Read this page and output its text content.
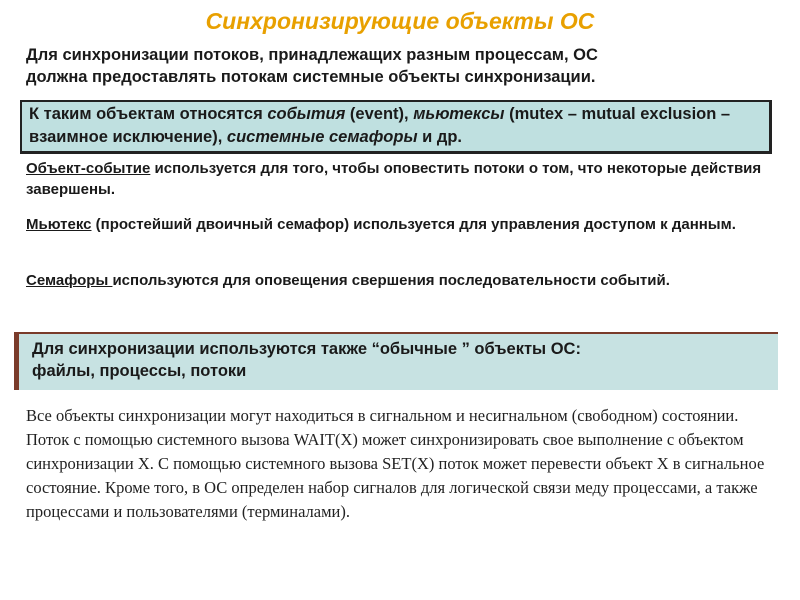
Синхронизирующие объекты ОС
Для синхронизации потоков, принадлежащих разным процессам, ОС
должна предоставлять потокам системные объекты синхронизации.
К таким объектам относятся события (event), мьютексы (mutex – mutual exclusion – взаимное исключение), системные семафоры и др.
Объект-событие используется для того, чтобы оповестить потоки о том, что некоторые действия завершены.
Мьютекс (простейший двоичный семафор) используется для управления доступом к данным.
Семафоры используются для оповещения свершения последовательности событий.
Для синхронизации используются также “обычные ” объекты ОС:
файлы, процессы, потоки
Все объекты синхронизации могут находиться в сигнальном и несигнальном (свободном) состоянии. Поток с помощью системного вызова WAIT(X) может синхронизировать свое выполнение с объектом синхронизации X. С помощью системного вызова SET(X) поток может перевести объект X в сигнальное состояние. Кроме того, в ОС определен набор сигналов для логической связи меду процессами, а также процессами и пользователями (терминалами).
